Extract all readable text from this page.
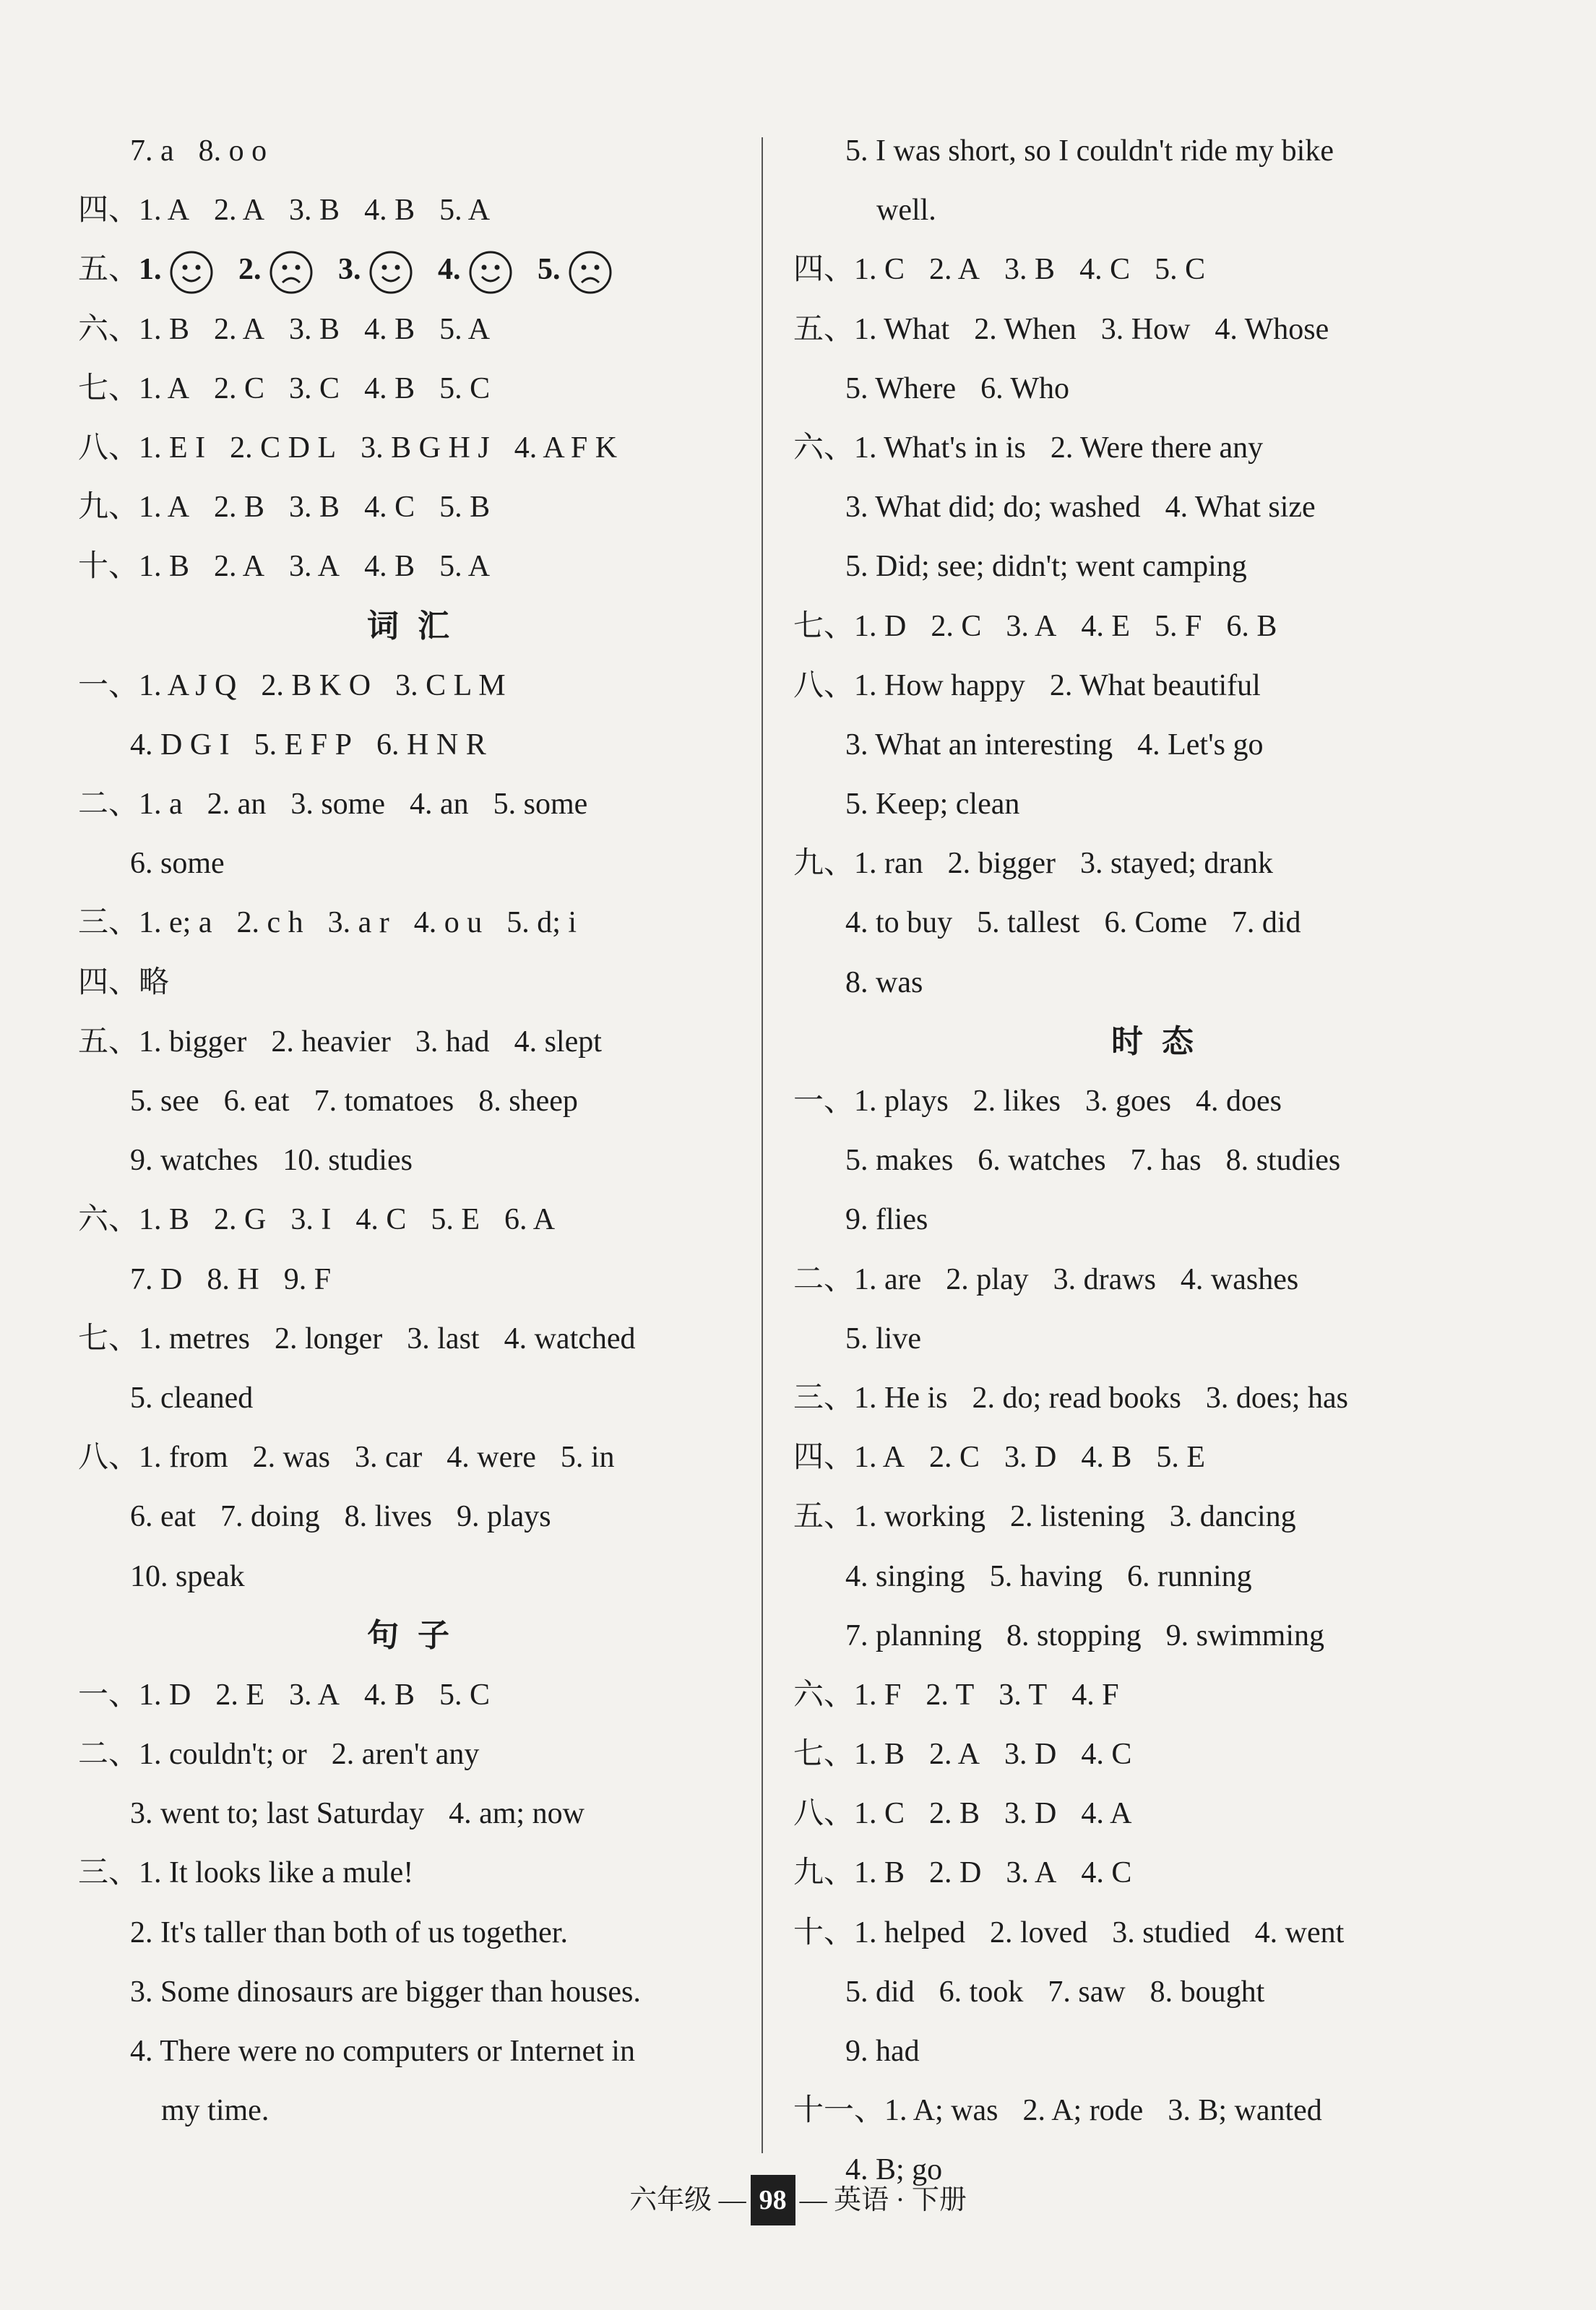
7. a 8. o o
四、1. A 2. A 3. B 4. B 5. A
五、1. 2. 3. 4. 5.
六、1. B 2. A 3. B 4. B 5. A
七、1. A 2. C 3. C 4. B 5. C
八、1. E I 2. C D L 3. B G H J 4. A F K
九、1. A 2. B 3. B 4. C 5. B
十、1. B 2. A 3. A 4. B 5. A
词汇
一、1. A J Q 2. B K O 3. C L M
4. D G I 5. E F P 6. H N R
二、1. a 2. an 3. some 4. an 5. some
6. some
三、1. e; a 2. c h 3. a r 4. o u 5. d; i
四、略
五、1. bigger 2. heavier 3. had 4. slept
5. see 6. eat 7. tomatoes 8. sheep
9. watches 10. studies
六、1. B 2. G 3. I 4. C 5. E 6. A
7. D 8. H 9. F
七、1. metres 2. longer 3. last 4. watched
5. cleaned
八、1. from 2. was 3. car 4. were 5. in
6. eat 7. doing 8. lives 9. plays
10. speak
句子
一、1. D 2. E 3. A 4. B 5. C
二、1. couldn't; or 2. aren't any
3. went to; last Saturday 4. am; now
三、1. It looks like a mule!
2. It's taller than both of us together.
3. Some dinosaurs are bigger than houses.
4. There were no computers or Internet in
my time.
5. I was short, so I couldn't ride my bike
well.
四、1. C 2. A 3. B 4. C 5. C
五、1. What 2. When 3. How 4. Whose
5. Where 6. Who
六、1. What's in is 2. Were there any
3. What did; do; washed 4. What size
5. Did; see; didn't; went camping
七、1. D 2. C 3. A 4. E 5. F 6. B
八、1. How happy 2. What beautiful
3. What an interesting 4. Let's go
5. Keep; clean
九、1. ran 2. bigger 3. stayed; drank
4. to buy 5. tallest 6. Come 7. did
8. was
时态
一、1. plays 2. likes 3. goes 4. does
5. makes 6. watches 7. has 8. studies
9. flies
二、1. are 2. play 3. draws 4. washes
5. live
三、1. He is 2. do; read books 3. does; has
四、1. A 2. C 3. D 4. B 5. E
五、1. working 2. listening 3. dancing
4. singing 5. having 6. running
7. planning 8. stopping 9. swimming
六、1. F 2. T 3. T 4. F
七、1. B 2. A 3. D 4. C
八、1. C 2. B 3. D 4. A
九、1. B 2. D 3. A 4. C
十、1. helped 2. loved 3. studied 4. went
5. did 6. took 7. saw 8. bought
9. had
十一、1. A; was 2. A; rode 3. B; wanted
4. B; go
六年级 — 98 — 英语 · 下册
